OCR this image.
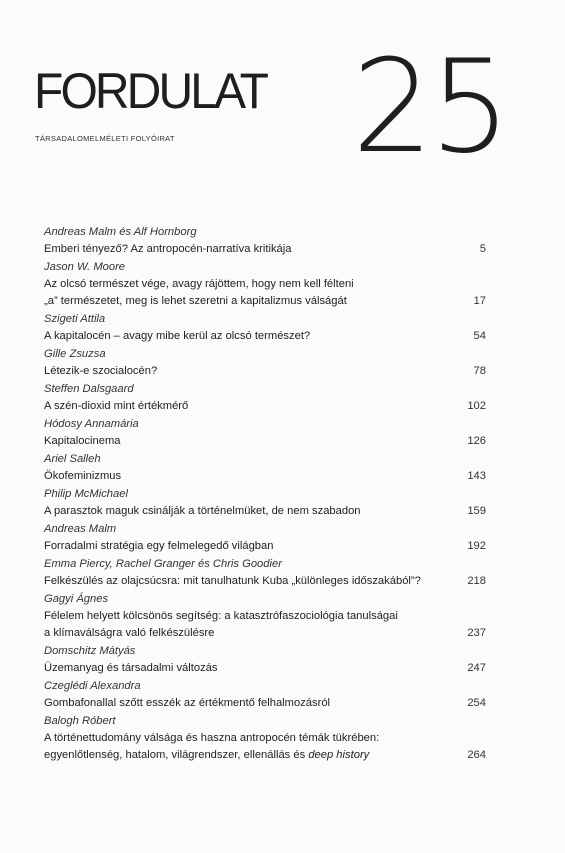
FORDULAT
TÁRSADALOMELMÉLETI FOLYÓIRAT 25
Andreas Malm és Alf Hornborg
Emberi tényező? Az antropocén-narratíva kritikája	5
Jason W. Moore
Az olcsó természet vége, avagy rájöttem, hogy nem kell félteni
„a” természetet, meg is lehet szeretni a kapitalizmus válságát	17
Szigeti Attila
A kapitalocén – avagy mibe kerül az olcsó természet?	54
Gille Zsuzsa
Létezik-e szocialocén?	78
Steffen Dalsgaard
A szén-dioxid mint értékmérő	102
Hódosy Annamária
Kapitalocinema	126
Ariel Salleh
Ökofeminizmus	143
Philip McMichael
A parasztok maguk csinálják a történelmüket, de nem szabadon	159
Andreas Malm
Forradalmi stratégia egy felmelegedő világban	192
Emma Piercy, Rachel Granger és Chris Goodier
Felkészülés az olajcsúcsra: mit tanulhatunk Kuba „különleges időszakából”?	218
Gagyi Ágnes
Félelem helyett kölcsönös segítség: a katasztrófaszociológia tanulságai
a klímaválságra való felkészülésre	237
Domschitz Mátyás
Üzemanyag és társadalmi változás	247
Czeglédi Alexandra
Gombafonallal szőtt esszék az értékmentő felhalmozásról	254
Balogh Róbert
A történettudomány válsága és haszna antropocén témák tükrében:
egyenlőtlenség, hatalom, világrendszer, ellenállás és deep history	264
